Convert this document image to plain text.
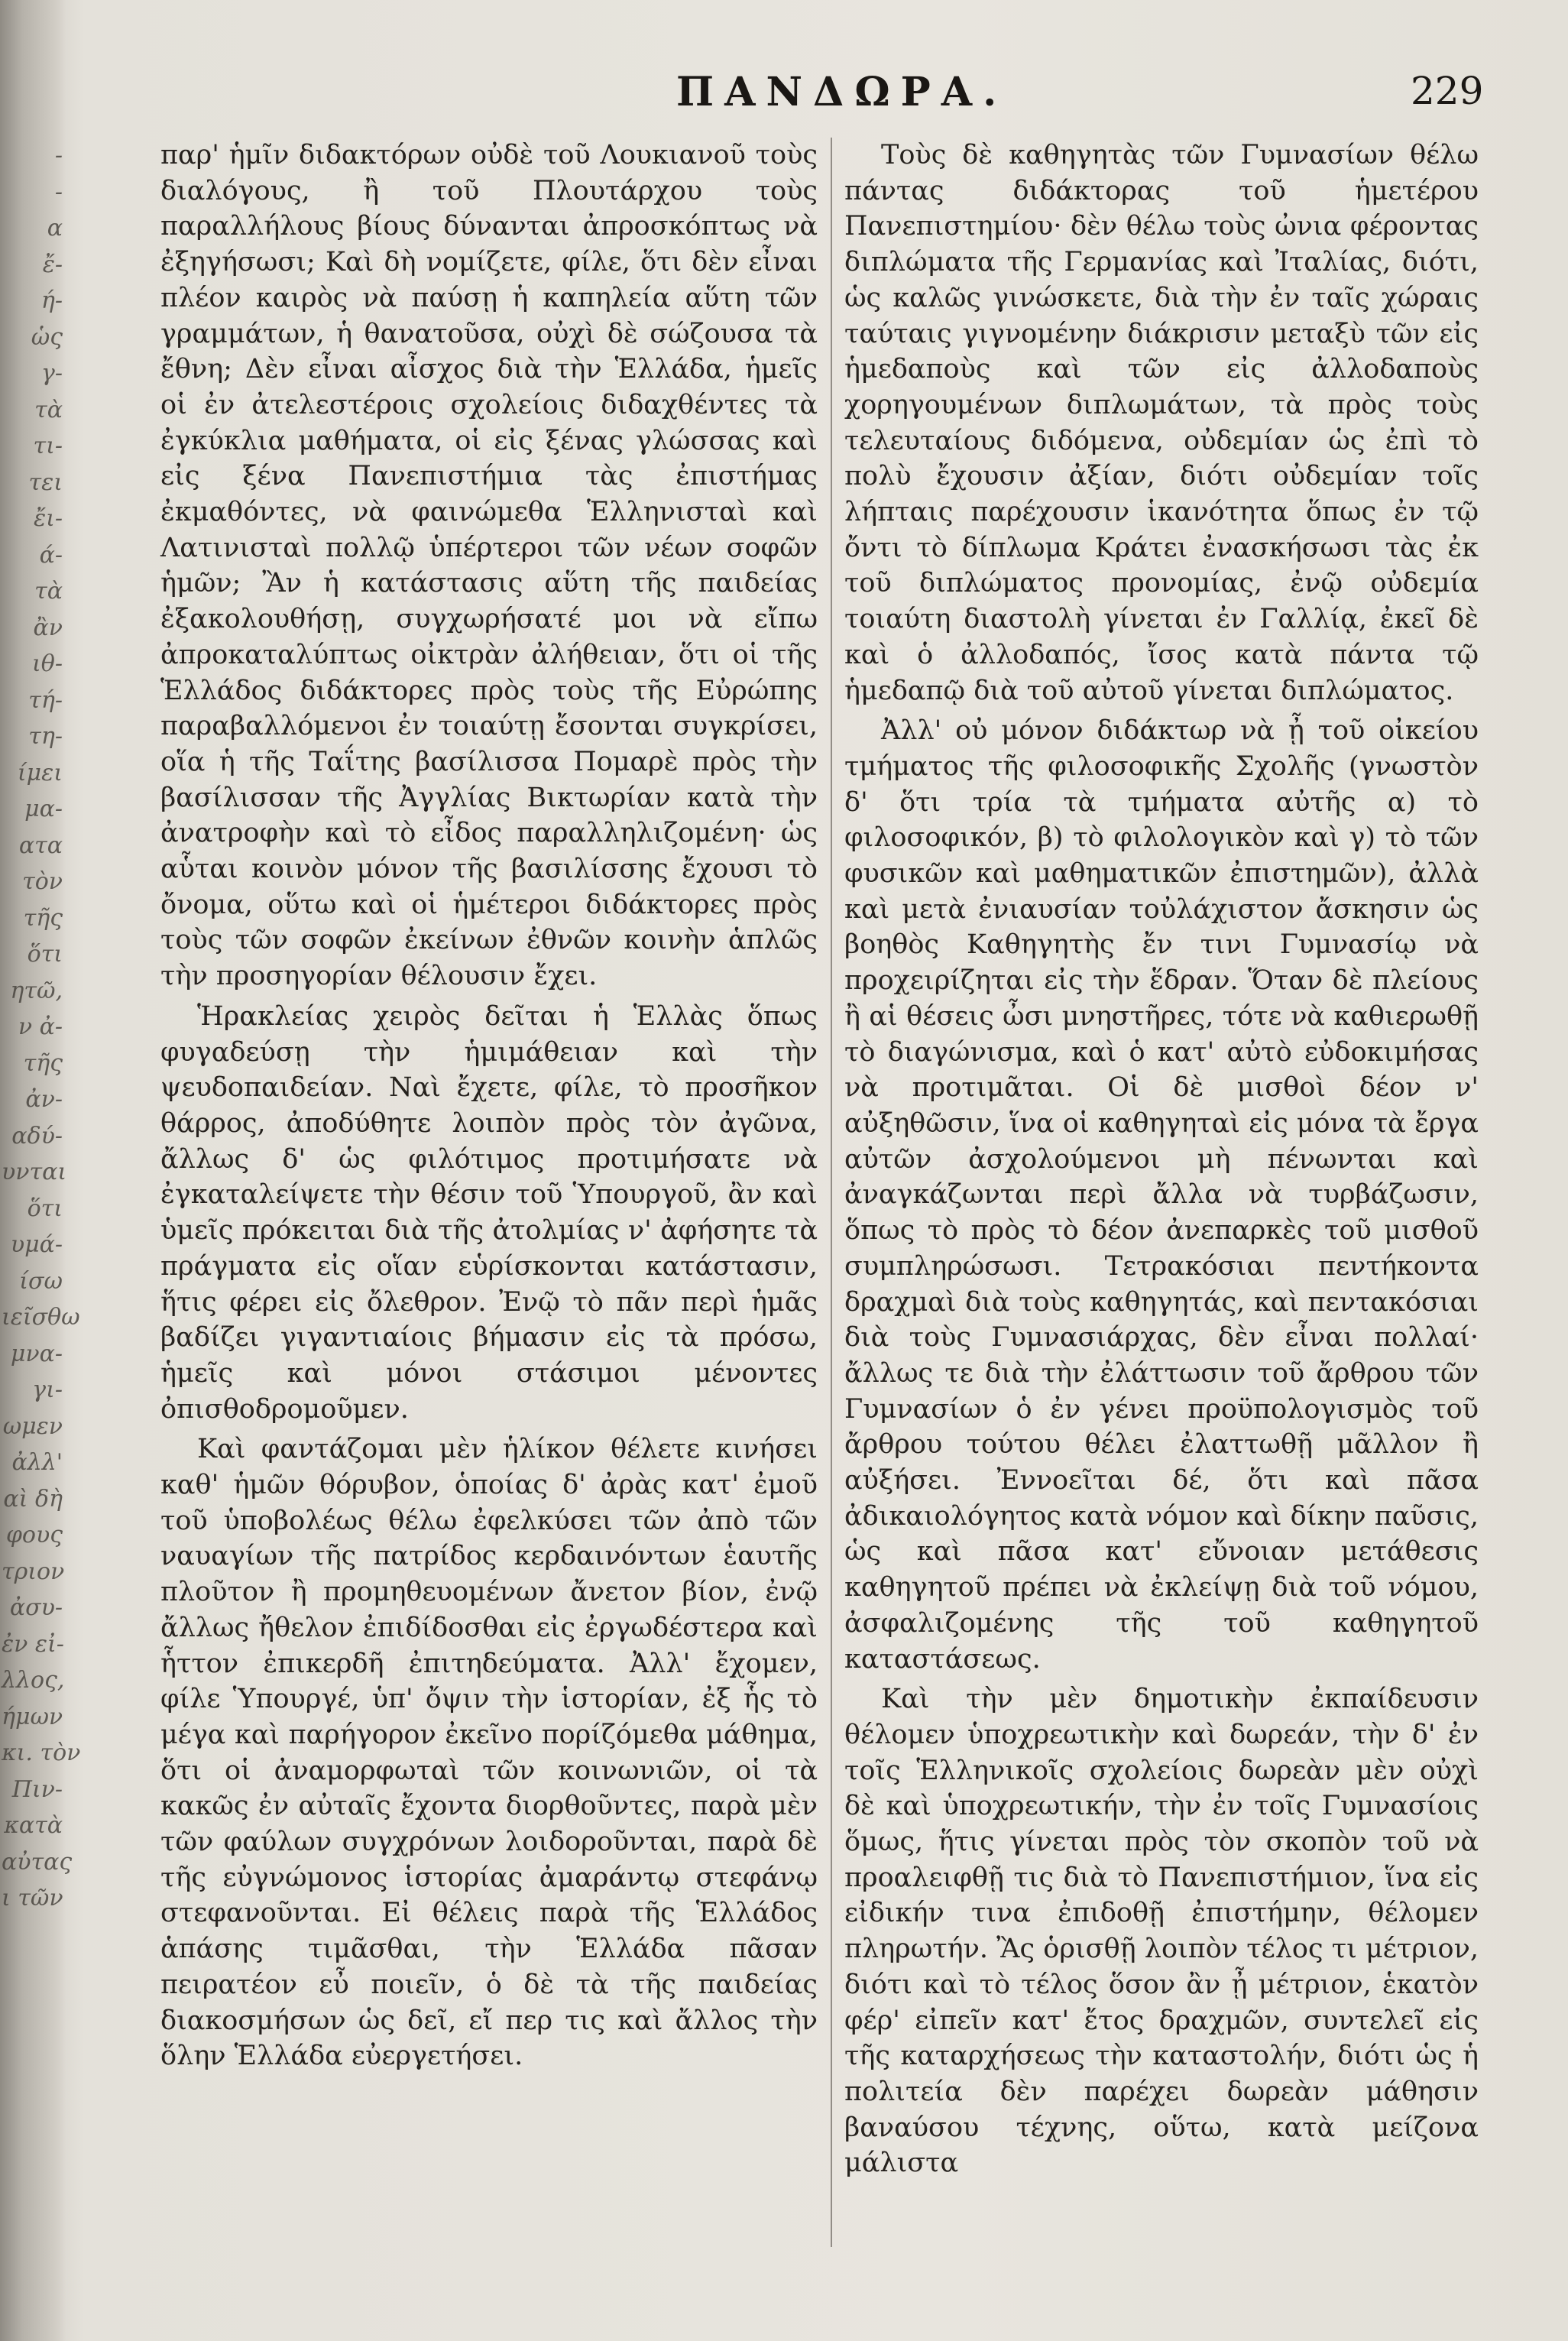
-
-
α
ἔ-
ή-
ὡς
γ-
τὰ
τι-
τει
ἔι-
ά-
τὰ
ἂν
ιθ-
τή-
τη-
ίμει
μα-
ατα
τὸν
τῆς
ὅτι
ητῶ,
ν ἀ-
τῆς
ἀν-
αδύ-
υνται
ὅτι
υμά-
ίσω
ιεῖσθω
μνα-
γι-
ωμεν
ἀλλ'
αὶ δὴ
φους
τριον
ἀσυ-
ἐν εἰ-
λλος,
ήμων
κι. τὸν
Πιν-
κατὰ
αὐτας
ι τῶν
ΠΑΝΔΩΡΑ.	229

παρ' ἡμῖν διδακτόρων οὐδὲ τοῦ Λουκιανοῦ τοὺς διαλόγους, ἢ τοῦ Πλουτάρχου τοὺς παραλλήλους βίους δύνανται ἀπροσκόπτως νὰ ἐξηγήσωσι; Καὶ δὴ νομίζετε, φίλε, ὅτι δὲν εἶναι πλέον καιρὸς νὰ παύσῃ ἡ καπηλεία αὕτη τῶν γραμμάτων, ἡ θανατοῦσα, οὐχὶ δὲ σώζουσα τὰ ἔθνη; Δὲν εἶναι αἶσχος διὰ τὴν Ἑλλάδα, ἡμεῖς οἱ ἐν ἀτελεστέροις σχολείοις διδαχθέντες τὰ ἐγκύκλια μαθήματα, οἱ εἰς ξένας γλώσσας καὶ εἰς ξένα Πανεπιστήμια τὰς ἐπιστήμας ἐκμαθόντες, νὰ φαινώμεθα Ἑλληνισταὶ καὶ Λατινισταὶ πολλῷ ὑπέρτεροι τῶν νέων σοφῶν ἡμῶν; Ἂν ἡ κατάστασις αὕτη τῆς παιδείας ἐξακολουθήσῃ, συγχωρήσατέ μοι νὰ εἴπω ἀπροκαταλύπτως οἰκτρὰν ἀλήθειαν, ὅτι οἱ τῆς Ἑλλάδος διδάκτορες πρὸς τοὺς τῆς Εὐρώπης παραβαλλόμενοι ἐν τοιαύτῃ ἔσονται συγκρίσει, οἵα ἡ τῆς Ταΐτης βασίλισσα Πομαρὲ πρὸς τὴν βασίλισσαν τῆς Ἀγγλίας Βικτωρίαν κατὰ τὴν ἀνατροφὴν καὶ τὸ εἶδος παραλληλιζομένη· ὡς αὗται κοινὸν μόνον τῆς βασιλίσσης ἔχουσι τὸ ὄνομα, οὕτω καὶ οἱ ἡμέτεροι διδάκτορες πρὸς τοὺς τῶν σοφῶν ἐκείνων ἐθνῶν κοινὴν ἁπλῶς τὴν προσηγορίαν θέλουσιν ἔχει.

Ἡρακλείας χειρὸς δεῖται ἡ Ἑλλὰς ὅπως φυγαδεύσῃ τὴν ἡμιμάθειαν καὶ τὴν ψευδοπαιδείαν. Ναὶ ἔχετε, φίλε, τὸ προσῆκον θάρρος, ἀποδύθητε λοιπὸν πρὸς τὸν ἀγῶνα, ἄλλως δ' ὡς φιλότιμος προτιμήσατε νὰ ἐγκαταλείψετε τὴν θέσιν τοῦ Ὑπουργοῦ, ἂν καὶ ὑμεῖς πρόκειται διὰ τῆς ἀτολμίας ν' ἀφήσητε τὰ πράγματα εἰς οἵαν εὑρίσκονται κατάστασιν, ἥτις φέρει εἰς ὄλεθρον. Ἐνῷ τὸ πᾶν περὶ ἡμᾶς βαδίζει γιγαντιαίοις βήμασιν εἰς τὰ πρόσω, ἡμεῖς καὶ μόνοι στάσιμοι μένοντες ὀπισθοδρομοῦμεν.

Καὶ φαντάζομαι μὲν ἡλίκον θέλετε κινήσει καθ' ἡμῶν θόρυβον, ὁποίας δ' ἀρὰς κατ' ἐμοῦ τοῦ ὑποβολέως θέλω ἐφελκύσει τῶν ἀπὸ τῶν ναυαγίων τῆς πατρίδος κερδαινόντων ἑαυτῆς πλοῦτον ἢ προμηθευομένων ἄνετον βίον, ἐνῷ ἄλλως ἤθελον ἐπιδίδοσθαι εἰς ἐργωδέστερα καὶ ἧττον ἐπικερδῆ ἐπιτηδεύματα. Ἀλλ' ἔχομεν, φίλε Ὑπουργέ, ὑπ' ὄψιν τὴν ἱστορίαν, ἐξ ἧς τὸ μέγα καὶ παρήγορον ἐκεῖνο πορίζόμεθα μάθημα, ὅτι οἱ ἀναμορφωταὶ τῶν κοινωνιῶν, οἱ τὰ κακῶς ἐν αὐταῖς ἔχοντα διορθοῦντες, παρὰ μὲν τῶν φαύλων συγχρόνων λοιδοροῦνται, παρὰ δὲ τῆς εὐγνώμονος ἱστορίας ἀμαράντῳ στεφάνῳ στεφανοῦνται. Εἰ θέλεις παρὰ τῆς Ἑλλάδος ἁπάσης τιμᾶσθαι, τὴν Ἑλλάδα πᾶσαν πειρατέον εὖ ποιεῖν, ὁ δὲ τὰ τῆς παιδείας διακοσμήσων ὡς δεῖ, εἴ περ τις καὶ ἄλλος τὴν ὅλην Ἑλλάδα εὐεργετήσει.

Τοὺς δὲ καθηγητὰς τῶν Γυμνασίων θέλω πάντας διδάκτορας τοῦ ἡμετέρου Πανεπιστημίου· δὲν θέλω τοὺς ὠνια φέροντας διπλώματα τῆς Γερμανίας καὶ Ἰταλίας, διότι, ὡς καλῶς γινώσκετε, διὰ τὴν ἐν ταῖς χώραις ταύταις γιγνομένην διάκρισιν μεταξὺ τῶν εἰς ἡμεδαποὺς καὶ τῶν εἰς ἀλλοδαποὺς χορηγουμένων διπλωμάτων, τὰ πρὸς τοὺς τελευταίους διδόμενα, οὐδεμίαν ὡς ἐπὶ τὸ πολὺ ἔχουσιν ἀξίαν, διότι οὐδεμίαν τοῖς λήπταις παρέχουσιν ἱκανότητα ὅπως ἐν τῷ ὄντι τὸ δίπλωμα Κράτει ἐνασκήσωσι τὰς ἐκ τοῦ διπλώματος προνομίας, ἐνῷ οὐδεμία τοιαύτη διαστολὴ γίνεται ἐν Γαλλίᾳ, ἐκεῖ δὲ καὶ ὁ ἀλλοδαπός, ἴσος κατὰ πάντα τῷ ἡμεδαπῷ διὰ τοῦ αὐτοῦ γίνεται διπλώματος.

Ἀλλ' οὐ μόνον διδάκτωρ νὰ ᾖ τοῦ οἰκείου τμήματος τῆς φιλοσοφικῆς Σχολῆς (γνωστὸν δ' ὅτι τρία τὰ τμήματα αὐτῆς α) τὸ φιλοσοφικόν, β) τὸ φιλολογικὸν καὶ γ) τὸ τῶν φυσικῶν καὶ μαθηματικῶν ἐπιστημῶν), ἀλλὰ καὶ μετὰ ἐνιαυσίαν τοὐλάχιστον ἄσκησιν ὡς βοηθὸς Καθηγητὴς ἔν τινι Γυμνασίῳ νὰ προχειρίζηται εἰς τὴν ἕδραν. Ὅταν δὲ πλείους ἢ αἱ θέσεις ὦσι μνηστῆρες, τότε νὰ καθιερωθῇ τὸ διαγώνισμα, καὶ ὁ κατ' αὐτὸ εὐδοκιμήσας νὰ προτιμᾶται. Οἱ δὲ μισθοὶ δέον ν' αὐξηθῶσιν, ἵνα οἱ καθηγηταὶ εἰς μόνα τὰ ἔργα αὐτῶν ἀσχολούμενοι μὴ πένωνται καὶ ἀναγκάζωνται περὶ ἄλλα νὰ τυρβάζωσιν, ὅπως τὸ πρὸς τὸ δέον ἀνεπαρκὲς τοῦ μισθοῦ συμπληρώσωσι. Τετρακόσιαι πεντήκοντα δραχμαὶ διὰ τοὺς καθηγητάς, καὶ πεντακόσιαι διὰ τοὺς Γυμνασιάρχας, δὲν εἶναι πολλαί· ἄλλως τε διὰ τὴν ἐλάττωσιν τοῦ ἄρθρου τῶν Γυμνασίων ὁ ἐν γένει προϋπολογισμὸς τοῦ ἄρθρου τούτου θέλει ἐλαττωθῇ μᾶλλον ἢ αὐξήσει. Ἐννοεῖται δέ, ὅτι καὶ πᾶσα ἀδικαιολόγητος κατὰ νόμον καὶ δίκην παῦσις, ὡς καὶ πᾶσα κατ' εὔνοιαν μετάθεσις καθηγητοῦ πρέπει νὰ ἐκλείψῃ διὰ τοῦ νόμου, ἀσφαλιζομένης τῆς τοῦ καθηγητοῦ καταστάσεως.

Καὶ τὴν μὲν δημοτικὴν ἐκπαίδευσιν θέλομεν ὑποχρεωτικὴν καὶ δωρεάν, τὴν δ' ἐν τοῖς Ἑλληνικοῖς σχολείοις δωρεὰν μὲν οὐχὶ δὲ καὶ ὑποχρεωτικήν, τὴν ἐν τοῖς Γυμνασίοις ὅμως, ἥτις γίνεται πρὸς τὸν σκοπὸν τοῦ νὰ προαλειφθῇ τις διὰ τὸ Πανεπιστήμιον, ἵνα εἰς εἰδικήν τινα ἐπιδοθῇ ἐπιστήμην, θέλομεν πληρωτήν. Ἂς ὁρισθῇ λοιπὸν τέλος τι μέτριον, διότι καὶ τὸ τέλος ὅσον ἂν ᾖ μέτριον, ἑκατὸν φέρ' εἰπεῖν κατ' ἔτος δραχμῶν, συντελεῖ εἰς τῆς καταρχήσεως τὴν καταστολήν, διότι ὡς ἡ πολιτεία δὲν παρέχει δωρεὰν μάθησιν βαναύσου τέχνης, οὕτω, κατὰ μείζονα μάλιστα
